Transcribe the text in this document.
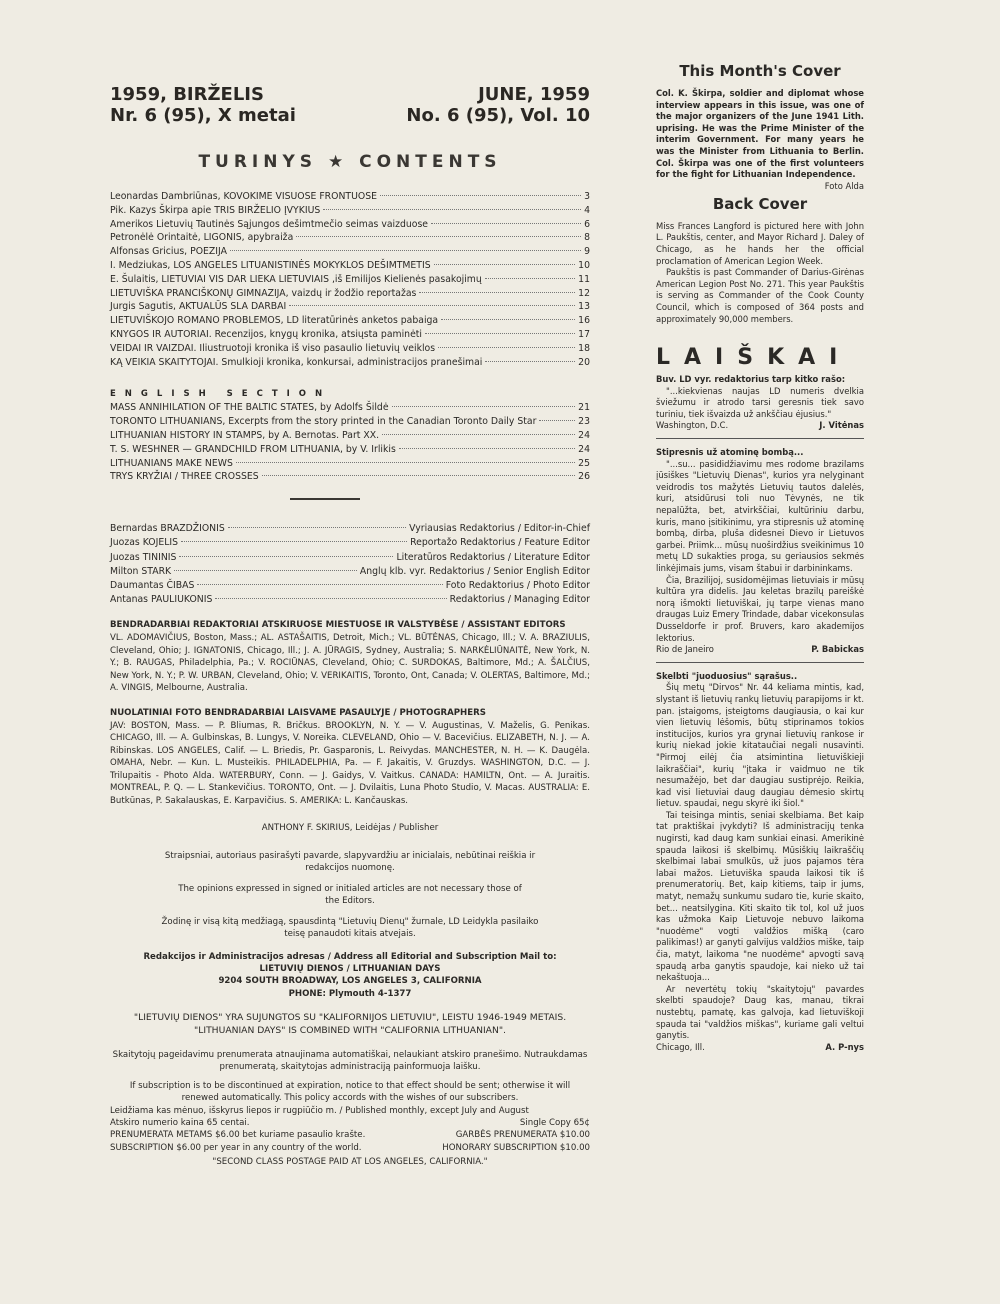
1959, BIRŽELIS
Nr. 6 (95), X metai
JUNE, 1959
No. 6 (95), Vol. 10
TURINYS ★ CONTENTS
Leonardas Dambriūnas, KOVOKIME VISUOSE FRONTUOSE	3
Pik. Kazys Škirpa apie TRIS BIRŽELIO ĮVYKIUS	4
Amerikos Lietuvių Tautinės Sąjungos dešimtmečio seimas vaizduose	6
Petronėlė Orintaitė, LIGONIS, apybraiža	8
Alfonsas Gricius, POEZIJA	9
I. Medziukas, LOS ANGELES LITUANISTINĖS MOKYKLOS DEŠIMTMETIS	10
E. Šulaitis, LIETUVIAI VIS DAR LIEKA LIETUVIAIS ,iš Emilijos Kielienės pasakojimų	11
LIETUVIŠKA PRANCIŠKONŲ GIMNAZIJA, vaizdų ir žodžio reportažas	12
Jurgis Sagutis, AKTUALŪS SLA DARBAI	13
LIETUVIŠKOJO ROMANO PROBLEMOS, LD literatūrinės anketos pabaiga	16
KNYGOS IR AUTORIAI. Recenzijos, knygų kronika, atsiųsta paminėti	17
VEIDAI IR VAIZDAI. Iliustruotoji kronika iš viso pasaulio lietuvių veiklos	18
KĄ VEIKIA SKAITYTOJAI. Smulkioji kronika, konkursai, administracijos pranešimai	20
ENGLISH SECTION
MASS ANNIHILATION OF THE BALTIC STATES, by Adolfs Šildė	21
TORONTO LITHUANIANS, Excerpts from the story printed in the Canadian Toronto Daily Star	23
LITHUANIAN HISTORY IN STAMPS, by A. Bernotas. Part XX.	24
T. S. WESHNER — GRANDCHILD FROM LITHUANIA, by V. Irlikis	24
LITHUANIANS MAKE NEWS	25
TRYS KRYŽIAI / THREE CROSSES	26
Bernardas BRAZDŽIONIS	Vyriausias Redaktorius / Editor-in-Chief
Juozas KOJELIS	Reportažo Redaktorius / Feature Editor
Juozas TININIS	Literatūros Redaktorius / Literature Editor
Milton STARK	Anglų klb. vyr. Redaktorius / Senior English Editor
Daumantas ČIBAS	Foto Redaktorius / Photo Editor
Antanas PAULIUKONIS	Redaktorius / Managing Editor
BENDRADARBIAI REDAKTORIAI ATSKIRUOSE MIESTUOSE IR VALSTYBĖSE / ASSISTANT EDITORS
VL. ADOMAVIČIUS, Boston, Mass.; AL. ASTAŠAITIS, Detroit, Mich.; VL. BŪTĖNAS, Chicago, Ill.; V. A. BRAZIULIS, Cleveland, Ohio; J. IGNATONIS, Chicago, Ill.; J. A. JŪRAGIS, Sydney, Australia; S. NARKĖLIŪNAITĖ, New York, N. Y.; B. RAUGAS, Philadelphia, Pa.; V. ROCIŪNAS, Cleveland, Ohio; C. SURDOKAS, Baltimore, Md.; A. ŠALČIUS, New York, N. Y.; P. W. URBAN, Cleveland, Ohio; V. VERIKAITIS, Toronto, Ont, Canada; V. OLERTAS, Baltimore, Md.; A. VINGIS, Melbourne, Australia.
NUOLATINIAI FOTO BENDRADARBIAI LAISVAME PASAULYJE / PHOTOGRAPHERS
JAV: BOSTON, Mass. — P. Bliumas, R. Bričkus. BROOKLYN, N. Y. — V. Augustinas, V. Maželis, G. Penikas. CHICAGO, Ill. — A. Gulbinskas, B. Lungys, V. Noreika. CLEVELAND, Ohio — V. Bacevičius. ELIZABETH, N. J. — A. Ribinskas. LOS ANGELES, Calif. — L. Briedis, Pr. Gasparonis, L. Reivydas. MANCHESTER, N. H. — K. Daugėla. OMAHA, Nebr. — Kun. L. Musteikis. PHILADELPHIA, Pa. — F. Jakaitis, V. Gruzdys. WASHINGTON, D.C. — J. Trilupaitis - Photo Alda. WATERBURY, Conn. — J. Gaidys, V. Vaitkus. CANADA: HAMILTN, Ont. — A. Juraitis. MONTREAL, P. Q. — L. Stankevičius. TORONTO, Ont. — J. Dvilaitis, Luna Photo Studio, V. Macas. AUSTRALIA: E. Butkūnas, P. Sakalauskas, E. Karpavičius. S. AMERIKA: L. Kančauskas.
ANTHONY F. SKIRIUS, Leidėjas / Publisher
Straipsniai, autoriaus pasirašyti pavarde, slapyvardžiu ar inicialais, nebūtinai reiškia ir redakcijos nuomonę.
The opinions expressed in signed or initialed articles are not necessary those of the Editors.
Žodinę ir visą kitą medžiagą, spausdintą "Lietuvių Dienų" žurnale, LD Leidykla pasilaiko teisę panaudoti kitais atvejais.
Redakcijos ir Administracijos adresas / Address all Editorial and Subscription Mail to:
LIETUVIŲ DIENOS / LITHUANIAN DAYS
9204 SOUTH BROADWAY, LOS ANGELES 3, CALIFORNIA
PHONE: Plymouth 4-1377
"LIETUVIŲ DIENOS" YRA SUJUNGTOS SU "KALIFORNIJOS LIETUVIU", LEISTU 1946-1949 METAIS.
"LITHUANIAN DAYS" IS COMBINED WITH "CALIFORNIA LITHUANIAN".
Skaitytojų pageidavimu prenumerata atnaujinama automatiškai, nelaukiant atskiro pranešimo. Nutraukdamas prenumeratą, skaitytojas administraciją painformuoja laišku.
If subscription is to be discontinued at expiration, notice to that effect should be sent; otherwise it will renewed automatically. This policy accords with the wishes of our subscribers.
Leidžiama kas mėnuo, išskyrus liepos ir rugpiūčio m. / Published monthly, except July and August
Atskiro numerio kaina 65 centai.	Single Copy 65¢
PRENUMERATA METAMS $6.00 bet kuriame pasaulio krašte.	GARBĖS PRENUMERATA $10.00
SUBSCRIPTION $6.00 per year in any country of the world.	HONORARY SUBSCRIPTION $10.00
"SECOND CLASS POSTAGE PAID AT LOS ANGELES, CALIFORNIA."
This Month's Cover
Col. K. Škirpa, soldier and diplomat whose interview appears in this issue, was one of the major organizers of the June 1941 Lith. uprising. He was the Prime Minister of the interim Government. For many years he was the Minister from Lithuania to Berlin. Col. Škirpa was one of the first volunteers for the fight for Lithuanian Independence.
Foto Alda
Back Cover

Miss Frances Langford is pictured here with John L. Paukštis, center, and Mayor Richard J. Daley of Chicago, as he hands her the official proclamation of American Legion Week.

Paukštis is past Commander of Darius-Girėnas American Legion Post No. 271. This year Paukštis is serving as Commander of the Cook County Council, which is composed of 364 posts and approximately 90,000 members.

LAIŠKAI
Buv. LD vyr. redaktorius tarp kitko rašo:
"...kiekvienas naujas LD numeris dvelkia šviežumu ir atrodo tarsi geresnis tiek savo turiniu, tiek išvaizda už ankščiau ėjusius."
Washington, D.C.	J. Vitėnas
Stipresnis už atominę bombą...

"...su... pasididžiavimu mes rodome brazilams įūsiškes "Lietuvių Dienas", kurios yra nelyginant veidrodis tos mažytės Lietuvių tautos dalelės, kuri, atsidūrusi toli nuo Tėvynės, ne tik nepalūžta, bet, atvirkščiai, kultūriniu darbu, kuris, mano įsitikinimu, yra stipresnis už atominę bombą, dirba, pluša didesnei Dievo ir Lietuvos garbei. Priimk... mūsų nuoširdžius sveikinimus 10 metų LD sukakties proga, su geriausios sekmės linkėjimais jums, visam štabui ir darbininkams.

Čia, Brazilijoj, susidomėjimas lietuviais ir mūsų kultūra yra didelis. Jau keletas brazilų pareiškė norą išmokti lietuviškai, jų tarpe vienas mano draugas Luiz Emery Trindade, dabar vicekonsulas Dusseldorfe ir prof. Bruvers, karo akademijos lektorius.

Rio de Janeiro	P. Babickas
Skelbti "juoduosius" sąrašus..

Šių metų "Dirvos" Nr. 44 keliama mintis, kad, slystant iš lietuvių rankų lietuvių parapijoms ir kt. pan. įstaigoms, įsteigtoms daugiausia, o kai kur vien lietuvių lėšomis, būtų stiprinamos tokios institucijos, kurios yra grynai lietuvių rankose ir kurių niekad jokie kitataučiai negali nusavinti. "Pirmoj eilėj čia atsimintina lietuviškieji laikraščiai", kurių "įtaka ir vaidmuo ne tik nesumažėjo, bet dar daugiau sustiprėjo. Reikia, kad visi lietuviai daug daugiau dėmesio skirtų lietuv. spaudai, negu skyrė iki šiol."

Tai teisinga mintis, seniai skelbiama. Bet kaip tat praktiškai įvykdyti? Iš administracijų tenka nugirsti, kad daug kam sunkiai einasi. Amerikinė spauda laikosi iš skelbimų. Mūsiškių laikraščių skelbimai labai smulkūs, už juos pajamos tėra labai mažos. Lietuviška spauda laikosi tik iš prenumeratorių. Bet, kaip kitiems, taip ir jums, matyt, nemažų sunkumu sudaro tie, kurie skaito, bet... neatsilygina. Kiti skaito tik tol, kol už juos kas užmoka Kaip Lietuvoje nebuvo laikoma "nuodėme" vogti valdžios mišką (caro palikimas!) ar ganyti galvijus valdžios miške, taip čia, matyt, laikoma "ne nuodėme" apvogti savą spaudą arba ganytis spaudoje, kai nieko už tai nekaštuoja...

Ar nevertėtų tokių "skaitytojų" pavardes skelbti spaudoje? Daug kas, manau, tikrai nustebtų, pamatę, kas galvoja, kad lietuviškoji spauda tai "valdžios miškas", kuriame gali veltui ganytis.

Chicago, Ill.	A. P-nys
